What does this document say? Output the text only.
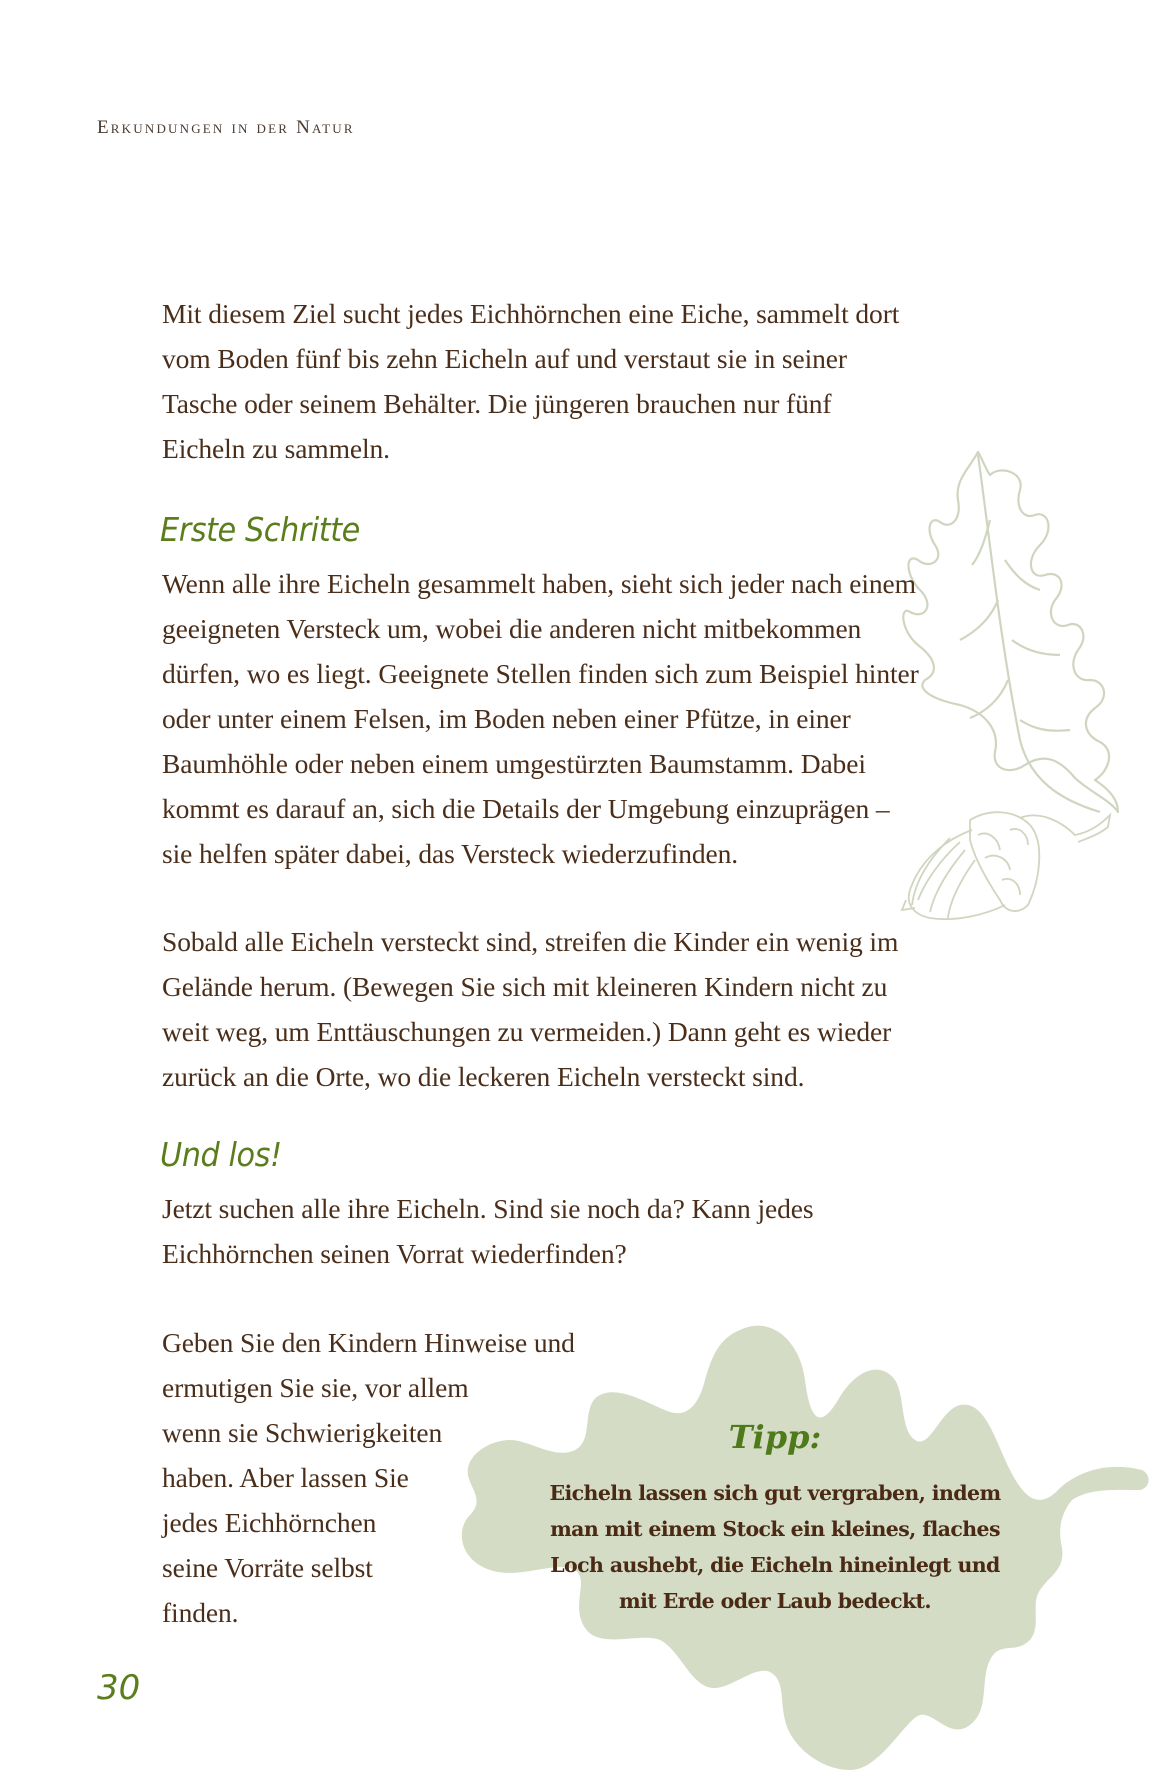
Erkundungen in der Natur
Mit diesem Ziel sucht jedes Eichhörnchen eine Eiche, sammelt dort
vom Boden fünf bis zehn Eicheln auf und verstaut sie in seiner
Tasche oder seinem Behälter. Die jüngeren brauchen nur fünf
Eicheln zu sammeln.
Erste Schritte
Wenn alle ihre Eicheln gesammelt haben, sieht sich jeder nach einem
geeigneten Versteck um, wobei die anderen nicht mitbekommen
dürfen, wo es liegt. Geeignete Stellen finden sich zum Beispiel hinter
oder unter einem Felsen, im Boden neben einer Pfütze, in einer
Baumhöhle oder neben einem umgestürzten Baumstamm. Dabei
kommt es darauf an, sich die Details der Umgebung einzuprägen –
sie helfen später dabei, das Versteck wiederzufinden.
Sobald alle Eicheln versteckt sind, streifen die Kinder ein wenig im
Gelände herum. (Bewegen Sie sich mit kleineren Kindern nicht zu
weit weg, um Enttäuschungen zu vermeiden.) Dann geht es wieder
zurück an die Orte, wo die leckeren Eicheln versteckt sind.
Und los!
Jetzt suchen alle ihre Eicheln. Sind sie noch da? Kann jedes
Eichhörnchen seinen Vorrat wiederfinden?
Geben Sie den Kindern Hinweise und
ermutigen Sie sie, vor allem
wenn sie Schwierigkeiten
haben. Aber lassen Sie
jedes Eichhörnchen
seine Vorräte selbst
finden.
Tipp:
Eicheln lassen sich gut vergraben, indem
man mit einem Stock ein kleines, flaches
Loch aushebt, die Eicheln hineinlegt und
mit Erde oder Laub bedeckt.
30
